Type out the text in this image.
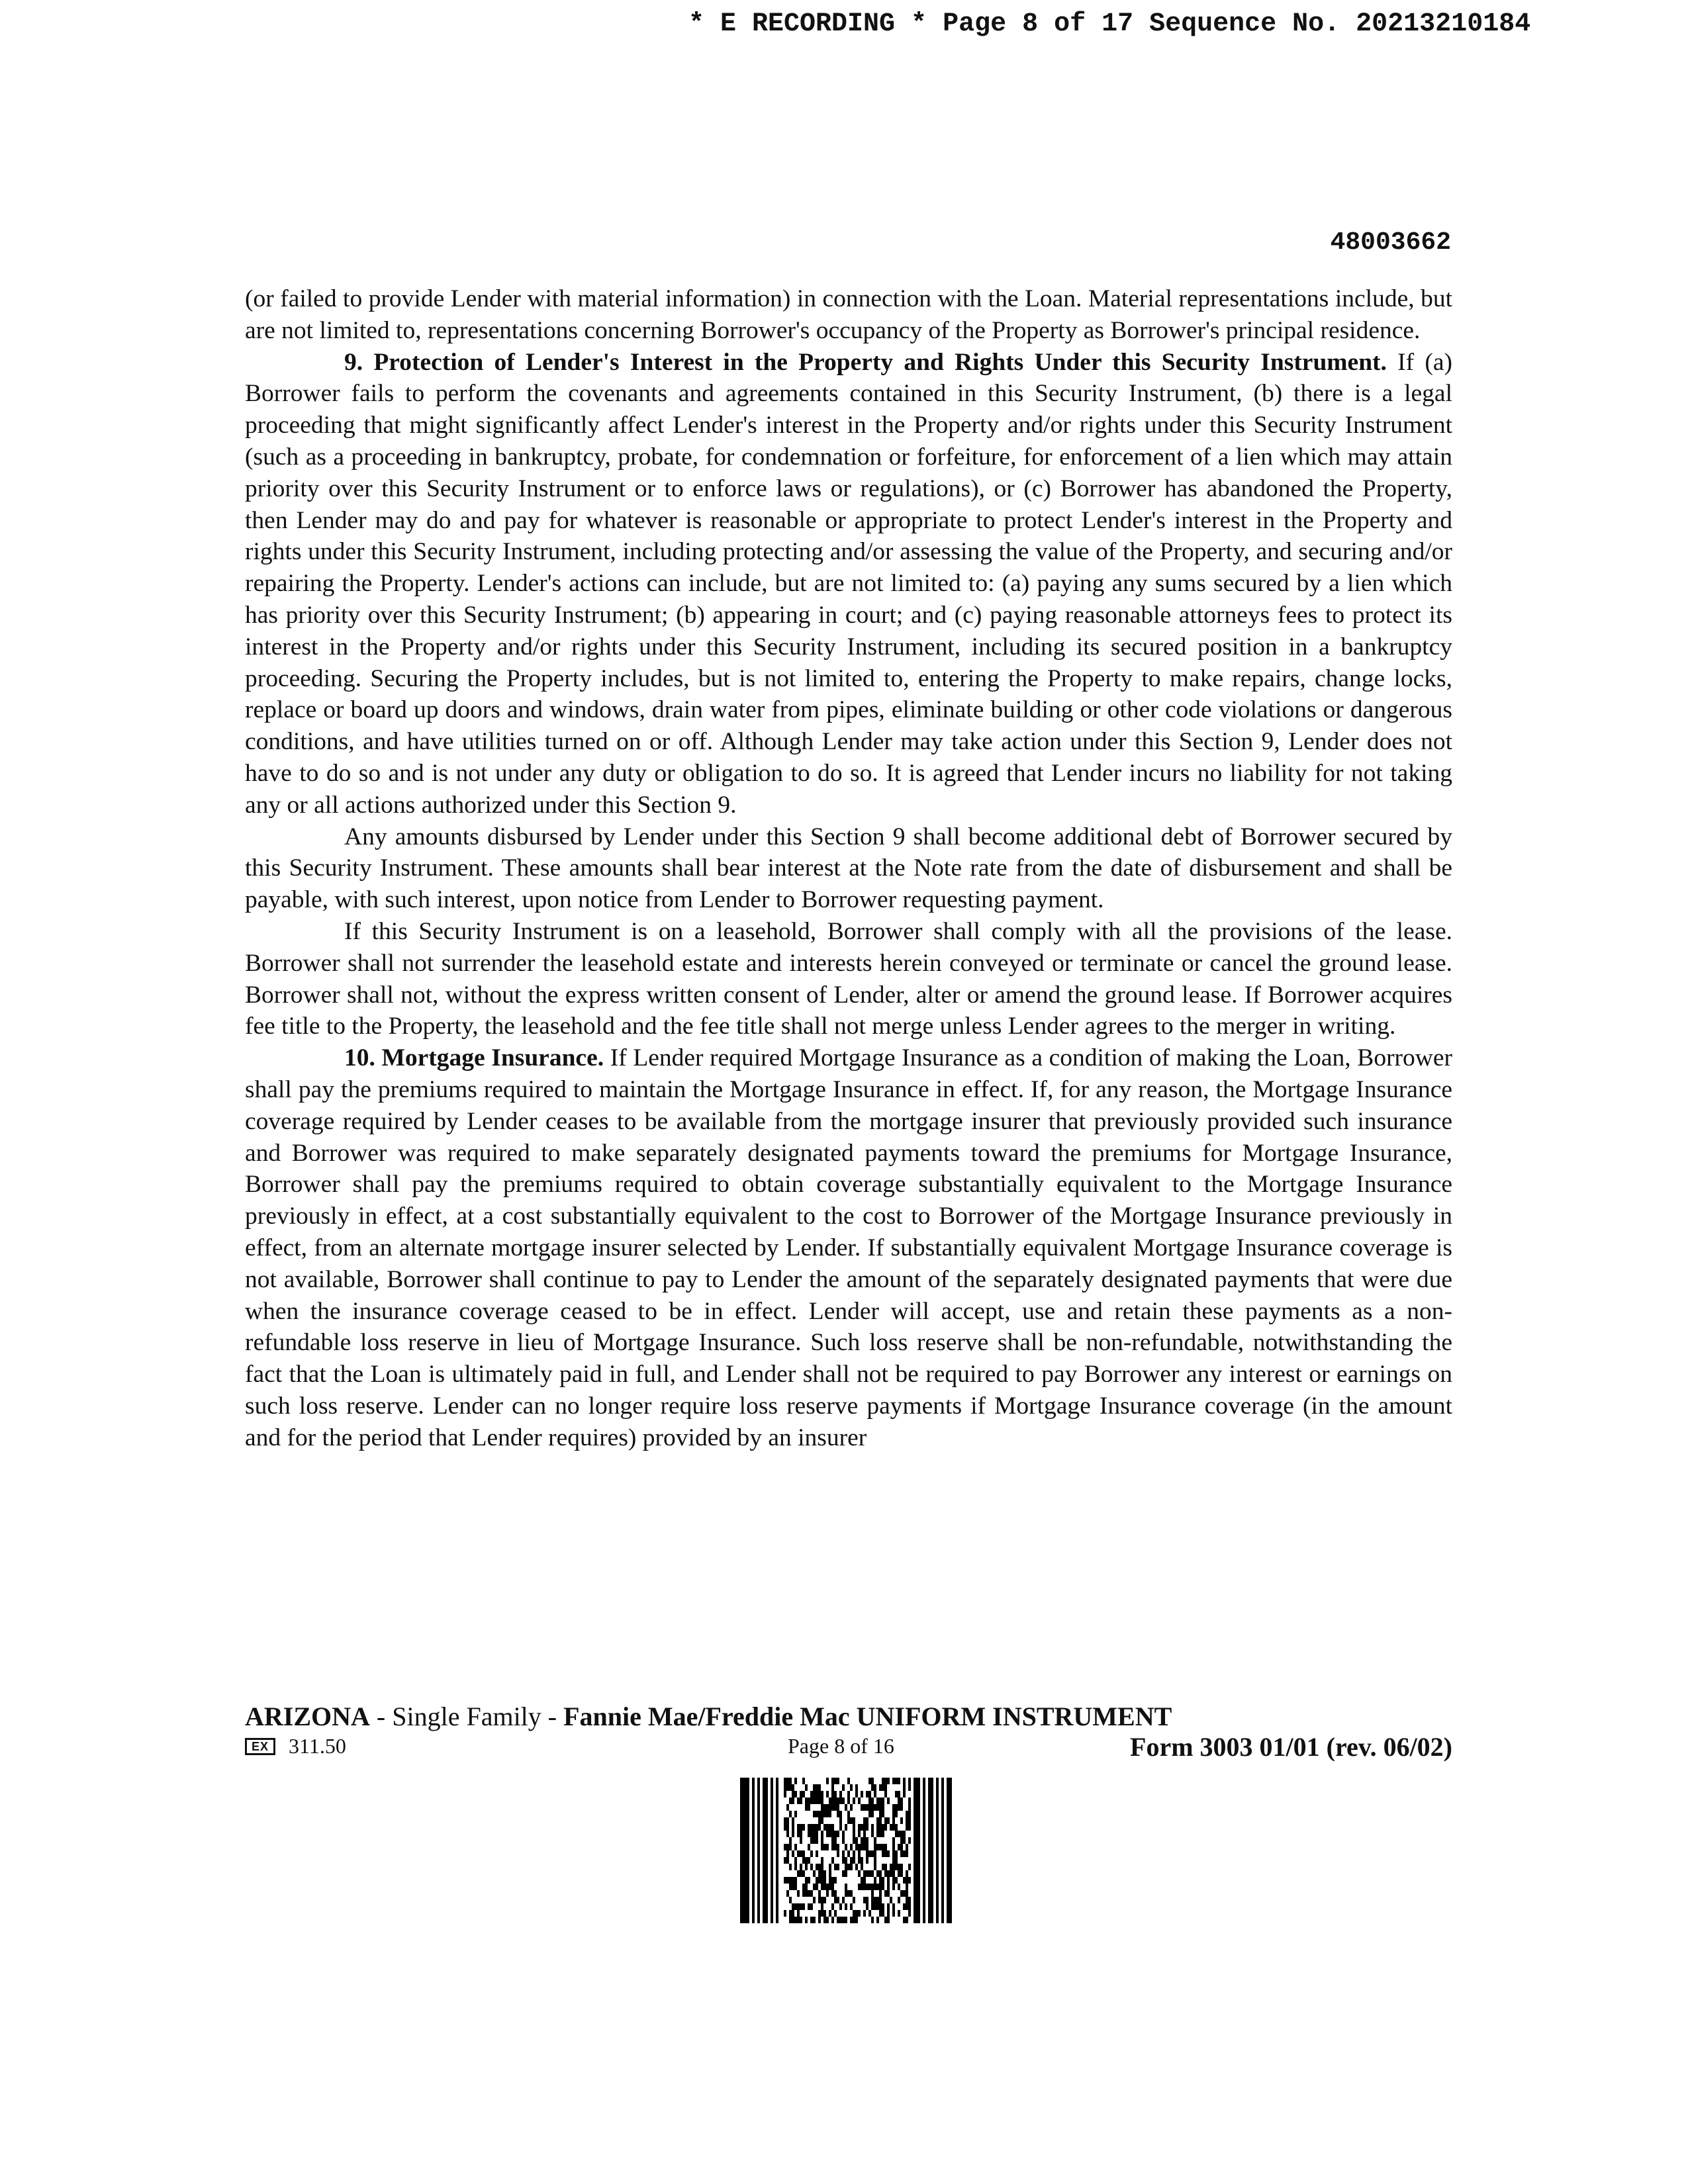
* E RECORDING * Page 8 of 17 Sequence No. 20213210184
48003662

(or failed to provide Lender with material information) in connection with the Loan. Material representations include, but are not limited to, representations concerning Borrower's occupancy of the Property as Borrower's principal residence.

9. Protection of Lender's Interest in the Property and Rights Under this Security Instrument. If (a) Borrower fails to perform the covenants and agreements contained in this Security Instrument, (b) there is a legal proceeding that might significantly affect Lender's interest in the Property and/or rights under this Security Instrument (such as a proceeding in bankruptcy, probate, for condemnation or forfeiture, for enforcement of a lien which may attain priority over this Security Instrument or to enforce laws or regulations), or (c) Borrower has abandoned the Property, then Lender may do and pay for whatever is reasonable or appropriate to protect Lender's interest in the Property and rights under this Security Instrument, including protecting and/or assessing the value of the Property, and securing and/or repairing the Property. Lender's actions can include, but are not limited to: (a) paying any sums secured by a lien which has priority over this Security Instrument; (b) appearing in court; and (c) paying reasonable attorneys fees to protect its interest in the Property and/or rights under this Security Instrument, including its secured position in a bankruptcy proceeding. Securing the Property includes, but is not limited to, entering the Property to make repairs, change locks, replace or board up doors and windows, drain water from pipes, eliminate building or other code violations or dangerous conditions, and have utilities turned on or off. Although Lender may take action under this Section 9, Lender does not have to do so and is not under any duty or obligation to do so. It is agreed that Lender incurs no liability for not taking any or all actions authorized under this Section 9.

Any amounts disbursed by Lender under this Section 9 shall become additional debt of Borrower secured by this Security Instrument. These amounts shall bear interest at the Note rate from the date of disbursement and shall be payable, with such interest, upon notice from Lender to Borrower requesting payment.

If this Security Instrument is on a leasehold, Borrower shall comply with all the provisions of the lease. Borrower shall not surrender the leasehold estate and interests herein conveyed or terminate or cancel the ground lease. Borrower shall not, without the express written consent of Lender, alter or amend the ground lease. If Borrower acquires fee title to the Property, the leasehold and the fee title shall not merge unless Lender agrees to the merger in writing.

10. Mortgage Insurance. If Lender required Mortgage Insurance as a condition of making the Loan, Borrower shall pay the premiums required to maintain the Mortgage Insurance in effect. If, for any reason, the Mortgage Insurance coverage required by Lender ceases to be available from the mortgage insurer that previously provided such insurance and Borrower was required to make separately designated payments toward the premiums for Mortgage Insurance, Borrower shall pay the premiums required to obtain coverage substantially equivalent to the Mortgage Insurance previously in effect, at a cost substantially equivalent to the cost to Borrower of the Mortgage Insurance previously in effect, from an alternate mortgage insurer selected by Lender. If substantially equivalent Mortgage Insurance coverage is not available, Borrower shall continue to pay to Lender the amount of the separately designated payments that were due when the insurance coverage ceased to be in effect. Lender will accept, use and retain these payments as a non-refundable loss reserve in lieu of Mortgage Insurance. Such loss reserve shall be non-refundable, notwithstanding the fact that the Loan is ultimately paid in full, and Lender shall not be required to pay Borrower any interest or earnings on such loss reserve. Lender can no longer require loss reserve payments if Mortgage Insurance coverage (in the amount and for the period that Lender requires) provided by an insurer

ARIZONA - Single Family - Fannie Mae/Freddie Mac UNIFORM INSTRUMENT
EX 311.50	Page 8 of 16	Form 3003 01/01 (rev. 06/02)
